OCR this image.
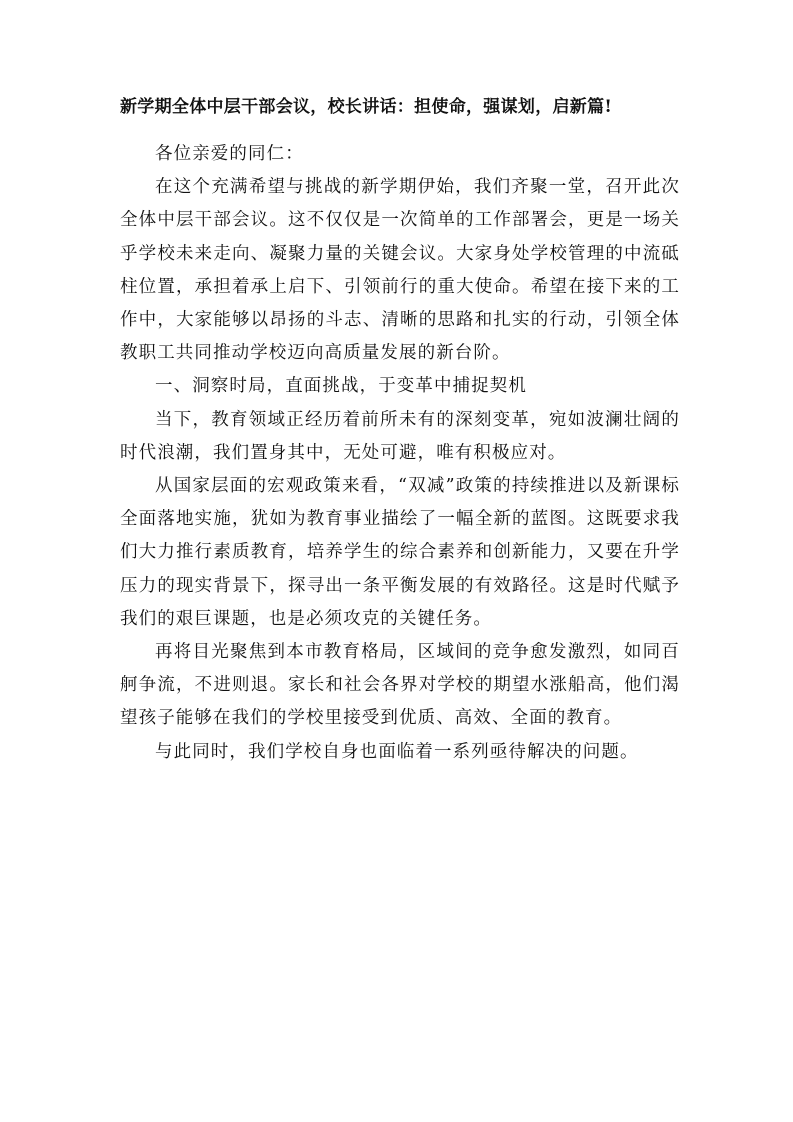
新学期全体中层干部会议，校长讲话：担使命，强谋划，启新篇!

各位亲爱的同仁：

在这个充满希望与挑战的新学期伊始，我们齐聚一堂，召开此次全体中层干部会议。这不仅仅是一次简单的工作部署会，更是一场关乎学校未来走向、凝聚力量的关键会议。大家身处学校管理的中流砥柱位置，承担着承上启下、引领前行的重大使命。希望在接下来的工作中，大家能够以昂扬的斗志、清晰的思路和扎实的行动，引领全体教职工共同推动学校迈向高质量发展的新台阶。

一、洞察时局，直面挑战，于变革中捕捉契机

当下，教育领域正经历着前所未有的深刻变革，宛如波澜壮阔的时代浪潮，我们置身其中，无处可避，唯有积极应对。

从国家层面的宏观政策来看，“双减”政策的持续推进以及新课标全面落地实施，犹如为教育事业描绘了一幅全新的蓝图。这既要求我们大力推行素质教育，培养学生的综合素养和创新能力，又要在升学压力的现实背景下，探寻出一条平衡发展的有效路径。这是时代赋予我们的艰巨课题，也是必须攻克的关键任务。

再将目光聚焦到本市教育格局，区域间的竞争愈发激烈，如同百舸争流，不进则退。家长和社会各界对学校的期望水涨船高，他们渴望孩子能够在我们的学校里接受到优质、高效、全面的教育。

与此同时，我们学校自身也面临着一系列亟待解决的问题。
